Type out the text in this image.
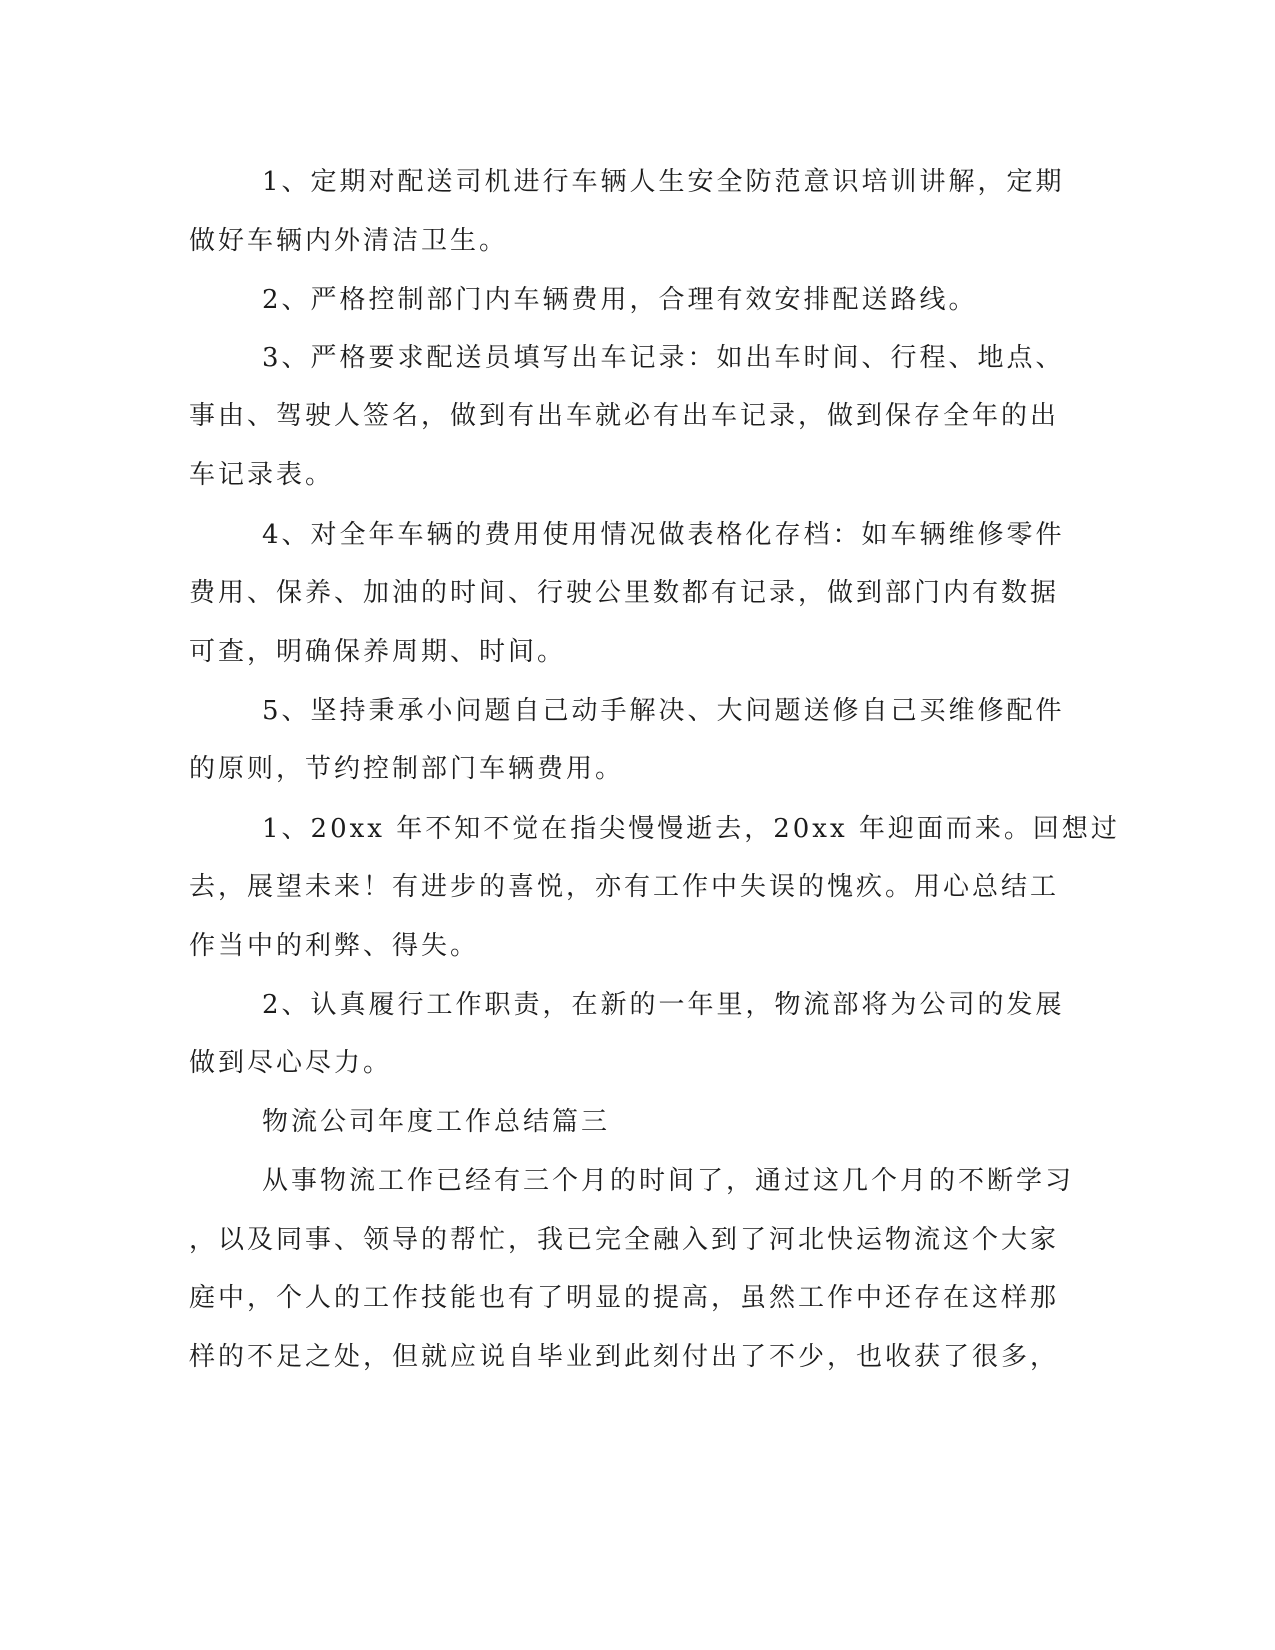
1、定期对配送司机进行车辆人生安全防范意识培训讲解，定期

做好车辆内外清洁卫生。

2、严格控制部门内车辆费用，合理有效安排配送路线。

3、严格要求配送员填写出车记录：如出车时间、行程、地点、

事由、驾驶人签名，做到有出车就必有出车记录，做到保存全年的出

车记录表。

4、对全年车辆的费用使用情况做表格化存档：如车辆维修零件

费用、保养、加油的时间、行驶公里数都有记录，做到部门内有数据

可查，明确保养周期、时间。

5、坚持秉承小问题自己动手解决、大问题送修自己买维修配件

的原则，节约控制部门车辆费用。

1、20xx 年不知不觉在指尖慢慢逝去，20xx 年迎面而来。回想过

去，展望未来！有进步的喜悦，亦有工作中失误的愧疚。用心总结工

作当中的利弊、得失。

2、认真履行工作职责，在新的一年里，物流部将为公司的发展

做到尽心尽力。

物流公司年度工作总结篇三

从事物流工作已经有三个月的时间了，通过这几个月的不断学习

，以及同事、领导的帮忙，我已完全融入到了河北快运物流这个大家

庭中，个人的工作技能也有了明显的提高，虽然工作中还存在这样那

样的不足之处，但就应说自毕业到此刻付出了不少，也收获了很多，
